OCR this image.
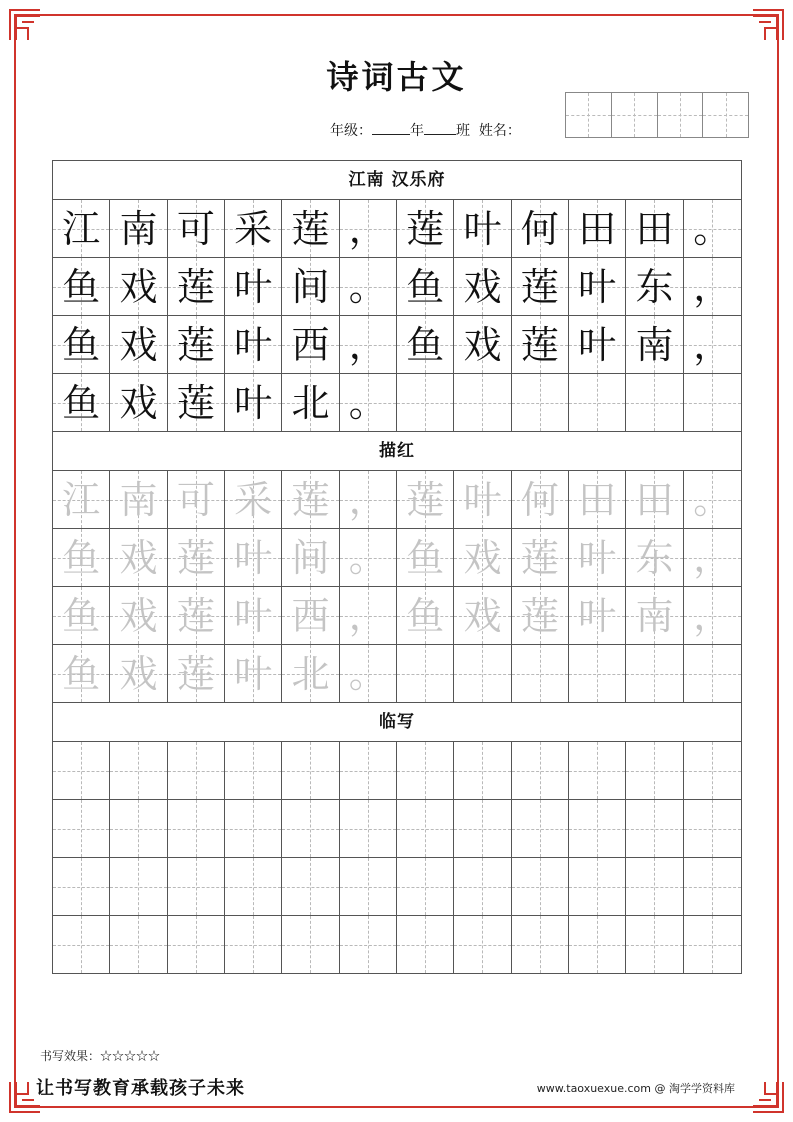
诗词古文
年级：	年 班 姓名：
江南 汉乐府
江 南 可 采 莲 ， 莲 叶 何 田 田 。
鱼 戏 莲 叶 间 。 鱼 戏 莲 叶 东 ，
鱼 戏 莲 叶 西 ， 鱼 戏 莲 叶 南 ，
鱼 戏 莲 叶 北 。
描红
江 南 可 采 莲 ， 莲 叶 何 田 田 。
鱼 戏 莲 叶 间 。 鱼 戏 莲 叶 东 ，
鱼 戏 莲 叶 西 ， 鱼 戏 莲 叶 南 ，
鱼 戏 莲 叶 北 。
临写
书写效果：☆☆☆☆☆
让书写教育承载孩子未来	www.taoxuexue.com @ 淘学学资料库
